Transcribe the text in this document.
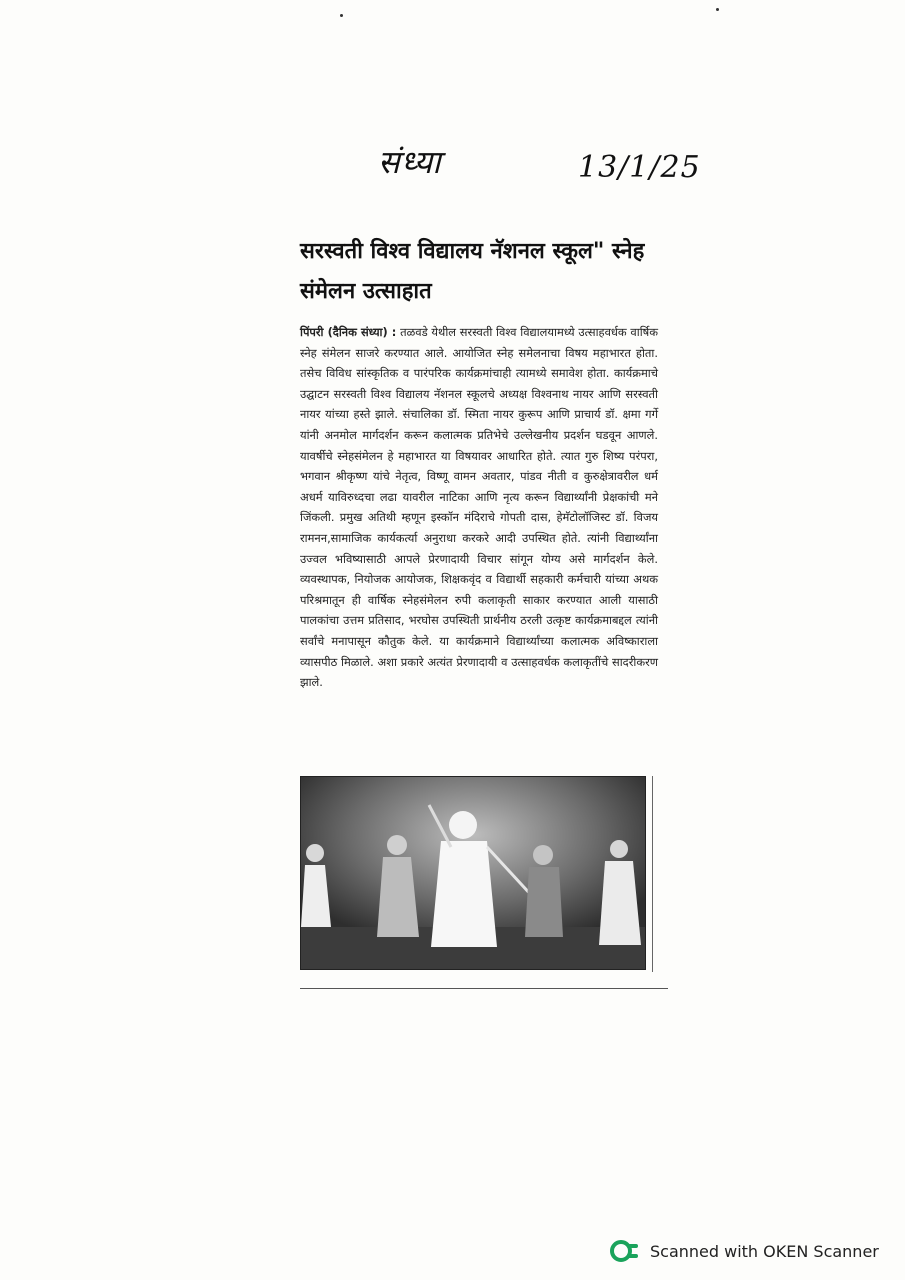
संध्या	13/1/25
सरस्वती विश्व विद्यालय नॅशनल स्कूल" स्नेह संमेलन उत्साहात
पिंपरी (दैनिक संध्या) : तळवडे येथील सरस्वती विश्व विद्यालयामध्ये उत्साहवर्धक वार्षिक स्नेह संमेलन साजरे करण्यात आले. आयोजित स्नेह समेलनाचा विषय महाभारत होता. तसेच विविध सांस्कृतिक व पारंपरिक कार्यक्रमांचाही त्यामध्ये समावेश होता. कार्यक्रमाचे उद्घाटन सरस्वती विश्व विद्यालय नॅशनल स्कूलचे अध्यक्ष विश्वनाथ नायर आणि सरस्वती नायर यांच्या हस्ते झाले. संचालिका डॉ. स्मिता नायर कुरूप आणि प्राचार्य डॉ. क्षमा गर्गे यांनी अनमोल मार्गदर्शन करून कलात्मक प्रतिभेचे उल्लेखनीय प्रदर्शन घडवून आणले. यावर्षीचे स्नेहसंमेलन हे महाभारत या विषयावर आधारित होते. त्यात गुरु शिष्य परंपरा, भगवान श्रीकृष्ण यांचे नेतृत्व, विष्णू वामन अवतार, पांडव नीती व कुरुक्षेत्रावरील धर्म अधर्म याविरुध्दचा लढा यावरील नाटिका आणि नृत्य करून विद्यार्थ्यांनी प्रेक्षकांची मने जिंकली. प्रमुख अतिथी म्हणून इस्कॉन मंदिराचे गोपती दास, हेमॅटोलॉजिस्ट डॉ. विजय रामनन,सामाजिक कार्यकर्त्या अनुराधा करकरे आदी उपस्थित होते. त्यांनी विद्यार्थ्यांना उज्वल भविष्यासाठी आपले प्रेरणादायी विचार सांगून योग्य असे मार्गदर्शन केले. व्यवस्थापक, नियोजक आयोजक, शिक्षकवृंद व विद्यार्थी सहकारी कर्मचारी यांच्या अथक परिश्रमातून ही वार्षिक स्नेहसंमेलन रुपी कलाकृती साकार करण्यात आली यासाठी पालकांचा उत्तम प्रतिसाद, भरघोस उपस्थिती प्रार्थनीय ठरली उत्कृष्ट कार्यक्रमाबद्दल त्यांनी सर्वांचे मनापासून कौतुक केले. या कार्यक्रमाने विद्यार्थ्यांच्या कलात्मक अविष्काराला व्यासपीठ मिळाले. अशा प्रकारे अत्यंत प्रेरणादायी व उत्साहवर्धक कलाकृतींचे सादरीकरण झाले.
Scanned with OKEN Scanner
